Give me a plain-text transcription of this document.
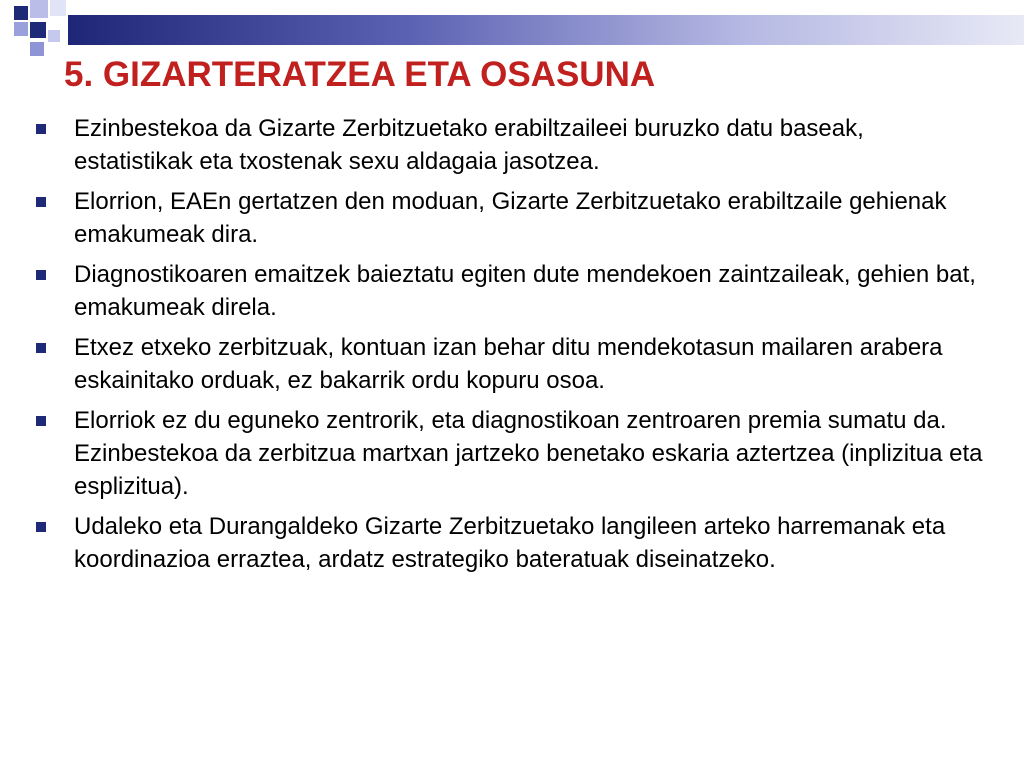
5. GIZARTERATZEA ETA OSASUNA
Ezinbestekoa da Gizarte Zerbitzuetako erabiltzaileei buruzko datu baseak, estatistikak eta txostenak sexu aldagaia jasotzea.
Elorrion, EAEn gertatzen den moduan, Gizarte Zerbitzuetako erabiltzaile gehienak emakumeak dira.
Diagnostikoaren emaitzek baieztatu egiten dute mendekoen zaintzaileak, gehien bat, emakumeak direla.
Etxez etxeko zerbitzuak, kontuan izan behar ditu mendekotasun mailaren arabera eskainitako orduak, ez bakarrik ordu kopuru osoa.
Elorriok ez du eguneko zentrorik, eta diagnostikoan zentroaren premia sumatu da. Ezinbestekoa da zerbitzua martxan jartzeko benetako eskaria aztertzea (inplizitua eta esplizitua).
Udaleko eta Durangaldeko Gizarte Zerbitzuetako langileen arteko harremanak eta koordinazioa erraztea, ardatz estrategiko bateratuak diseinatzeko.
